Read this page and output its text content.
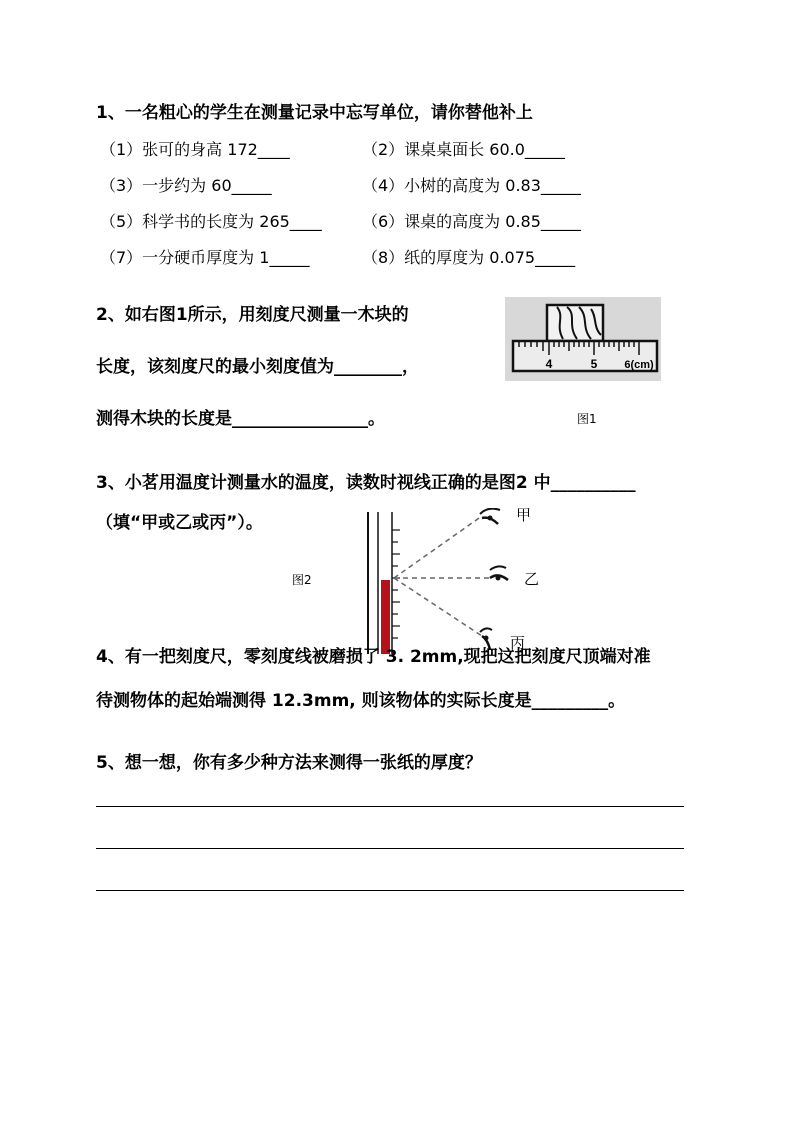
1、一名粗心的学生在测量记录中忘写单位，请你替他补上
（1）张可的身高 172____	（2）课桌桌面长 60.0_____
（3）一步约为 60_____	（4）小树的高度为 0.83_____
（5）科学书的长度为 265____	（6）课桌的高度为 0.85_____
（7）一分硬币厚度为 1_____	（8）纸的厚度为 0.075_____
2、如右图1所示，用刻度尺测量一木块的
长度，该刻度尺的最小刻度值为________，
测得木块的长度是________________。
4	5 6(cm)
图1
3、小茗用温度计测量水的温度，读数时视线正确的是图2 中__________
（填“甲或乙或丙”）。	甲
乙
丙
图2
4、有一把刻度尺，零刻度线被磨损了 3. 2mm,现把这把刻度尺顶端对准
待测物体的起始端测得 12.3mm, 则该物体的实际长度是_________。
5、想一想，你有多少种方法来测得一张纸的厚度？
